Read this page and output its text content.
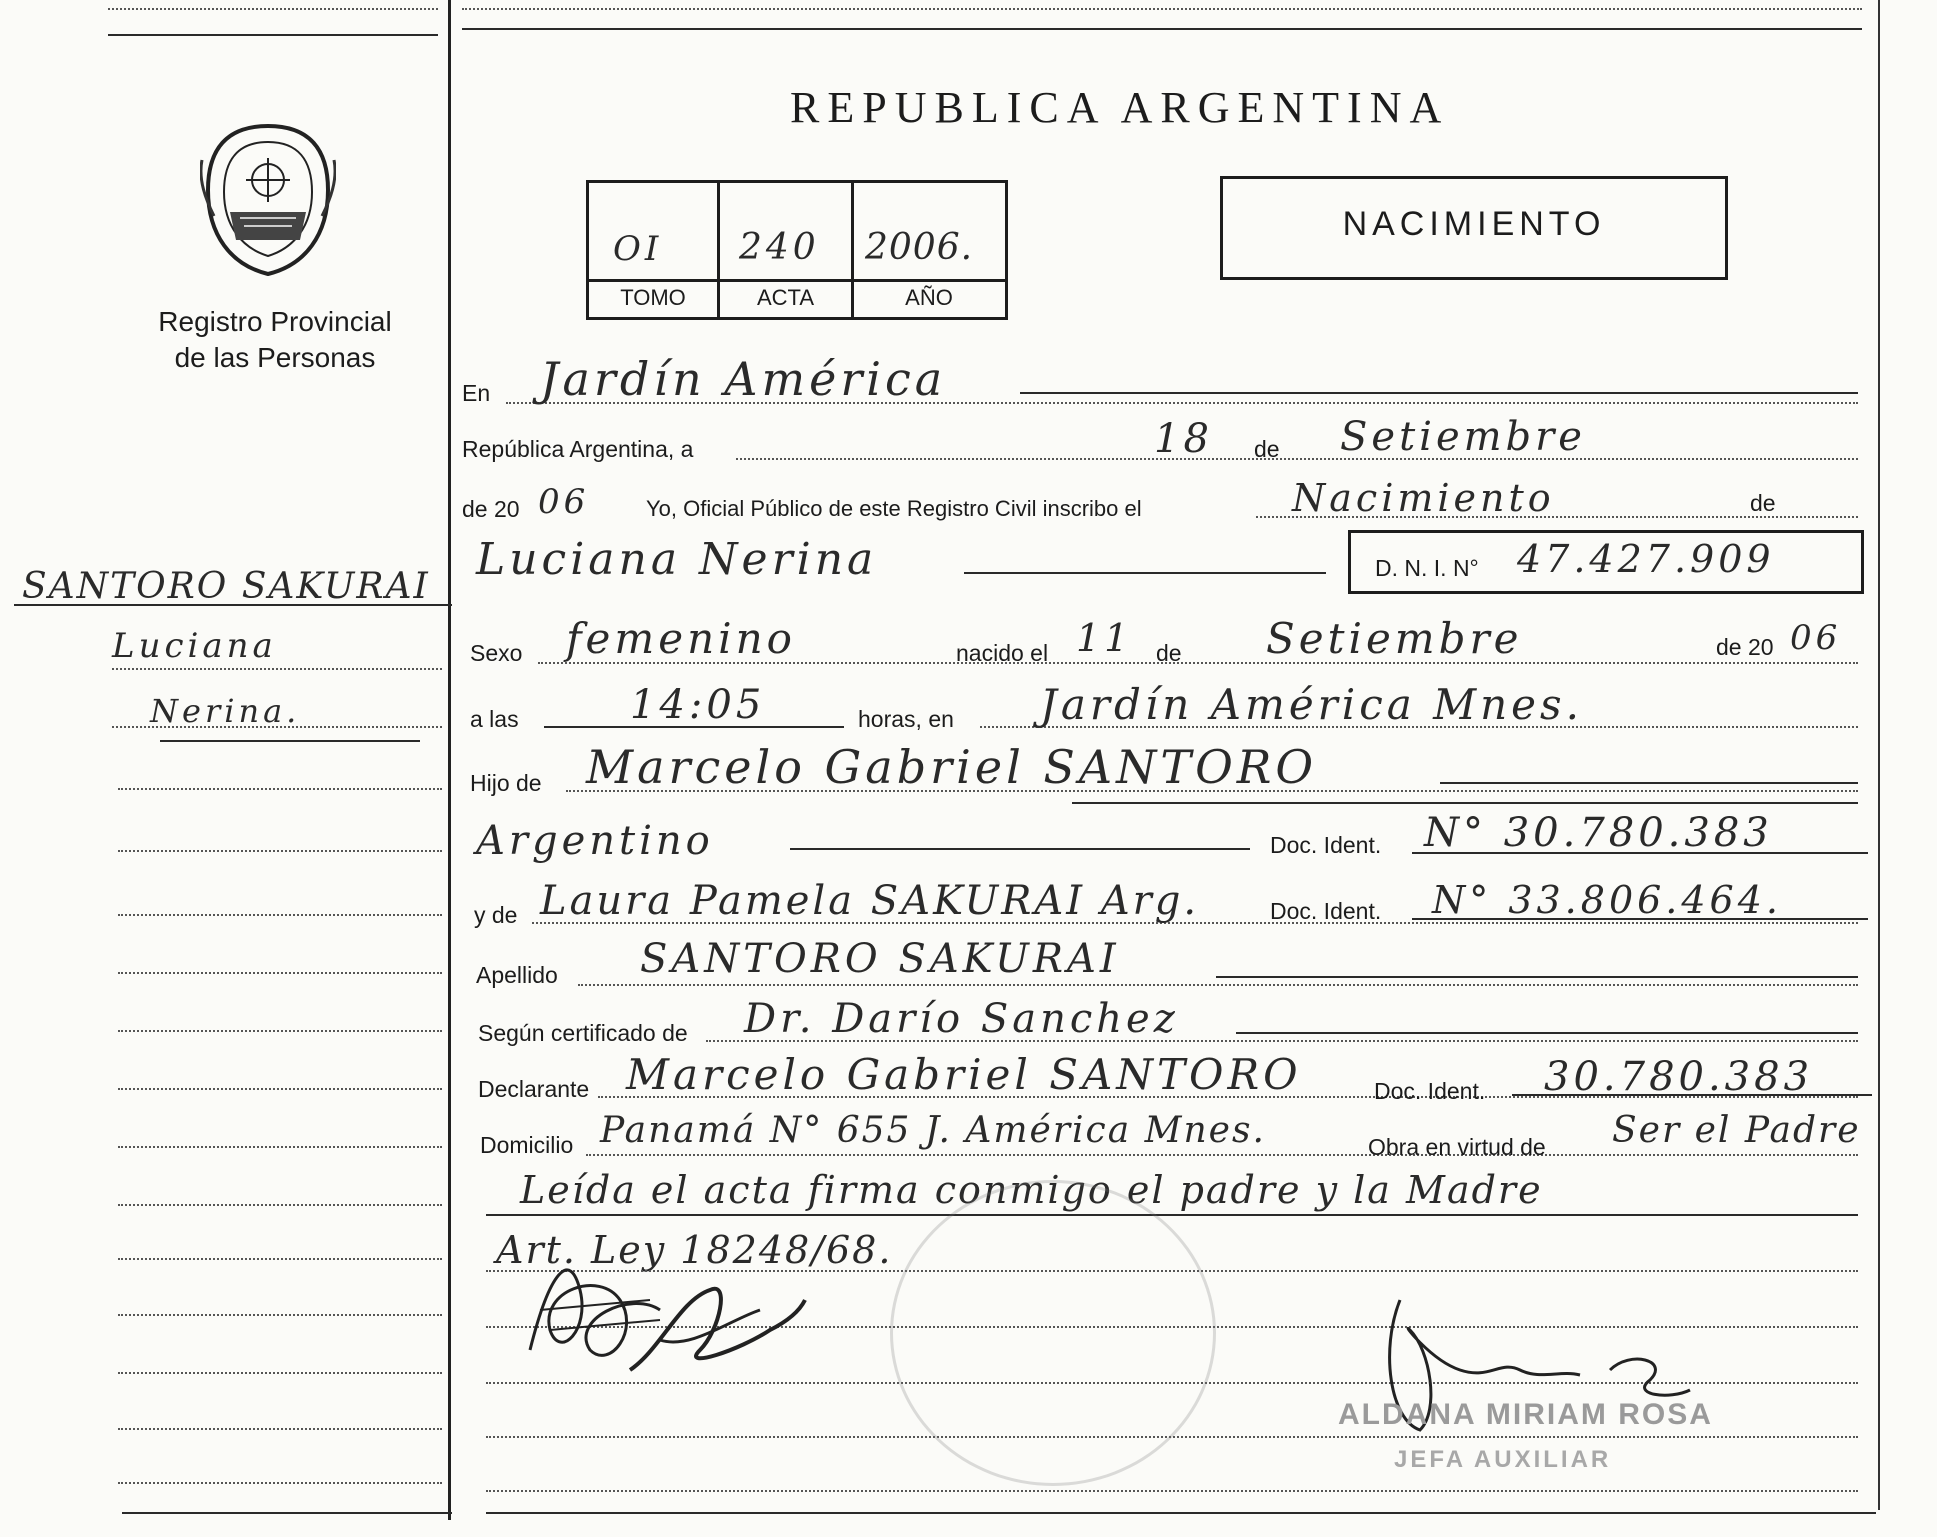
Registro Provincial
de las Personas
SANTORO SAKURAI
Luciana
Nerina.
REPUBLICA ARGENTINA
OI 240 2006.
TOMO	ACTA	AÑO
NACIMIENTO
En Jardín América
República Argentina, a	18 de Setiembre
de 20 06	Yo, Oficial Público de este Registro Civil inscribo el	Nacimiento	de
Luciana Nerina	D. N. I. N° 47.427.909
Sexo femenino	nacido el 11 de Setiembre	de 20 06
a las	14:05	horas, en Jardín América Mnes.
Hijo de Marcelo Gabriel SANTORO
Argentino	Doc. Ident. N° 30.780.383
y de Laura Pamela SAKURAI Arg.	Doc. Ident. N° 33.806.464.
Apellido SANTORO SAKURAI
Según certificado de Dr. Darío Sanchez
Declarante Marcelo Gabriel SANTORO	Doc. Ident. 30.780.383
Domicilio Panamá N° 655 J. América Mnes.	Obra en virtud de Ser el Padre
Leída el acta firma conmigo el padre y la Madre
Art. Ley 18248/68.
ALDANA MIRIAM ROSA
JEFA AUXILIAR
